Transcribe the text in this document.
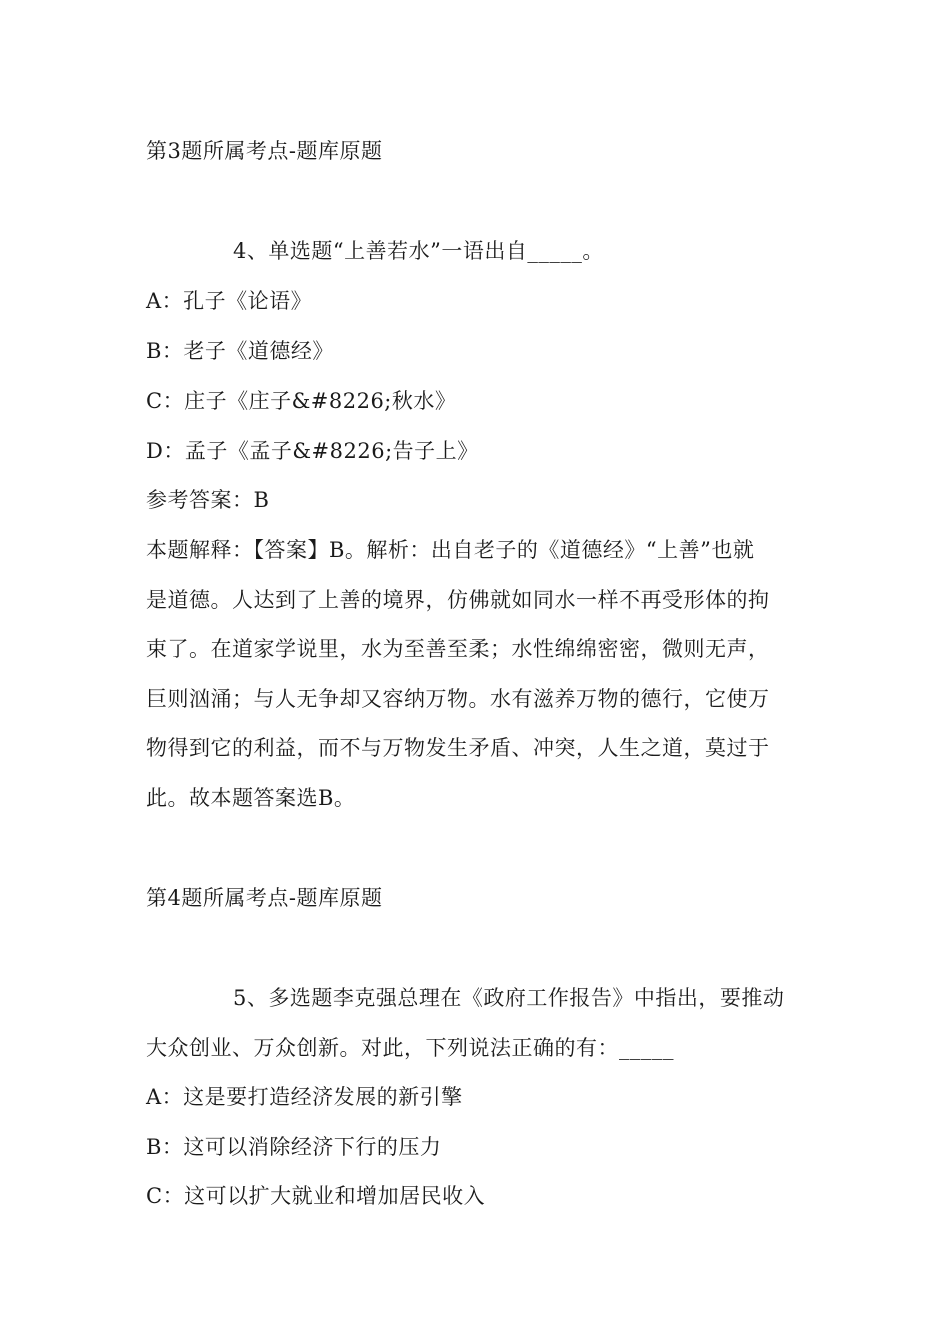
第3题所属考点-题库原题
4、单选题“上善若水”一语出自_____。
A：孔子《论语》
B：老子《道德经》
C：庄子《庄子&#8226;秋水》
D：孟子《孟子&#8226;告子上》
参考答案：B
本题解释：【答案】B。解析：出自老子的《道德经》“上善”也就
是道德。人达到了上善的境界，仿佛就如同水一样不再受形体的拘
束了。在道家学说里，水为至善至柔；水性绵绵密密，微则无声，
巨则汹涌；与人无争却又容纳万物。水有滋养万物的德行，它使万
物得到它的利益，而不与万物发生矛盾、冲突，人生之道，莫过于
此。故本题答案选B。
第4题所属考点-题库原题
5、多选题李克强总理在《政府工作报告》中指出，要推动
大众创业、万众创新。对此，下列说法正确的有：_____
A：这是要打造经济发展的新引擎
B：这可以消除经济下行的压力
C：这可以扩大就业和增加居民收入
